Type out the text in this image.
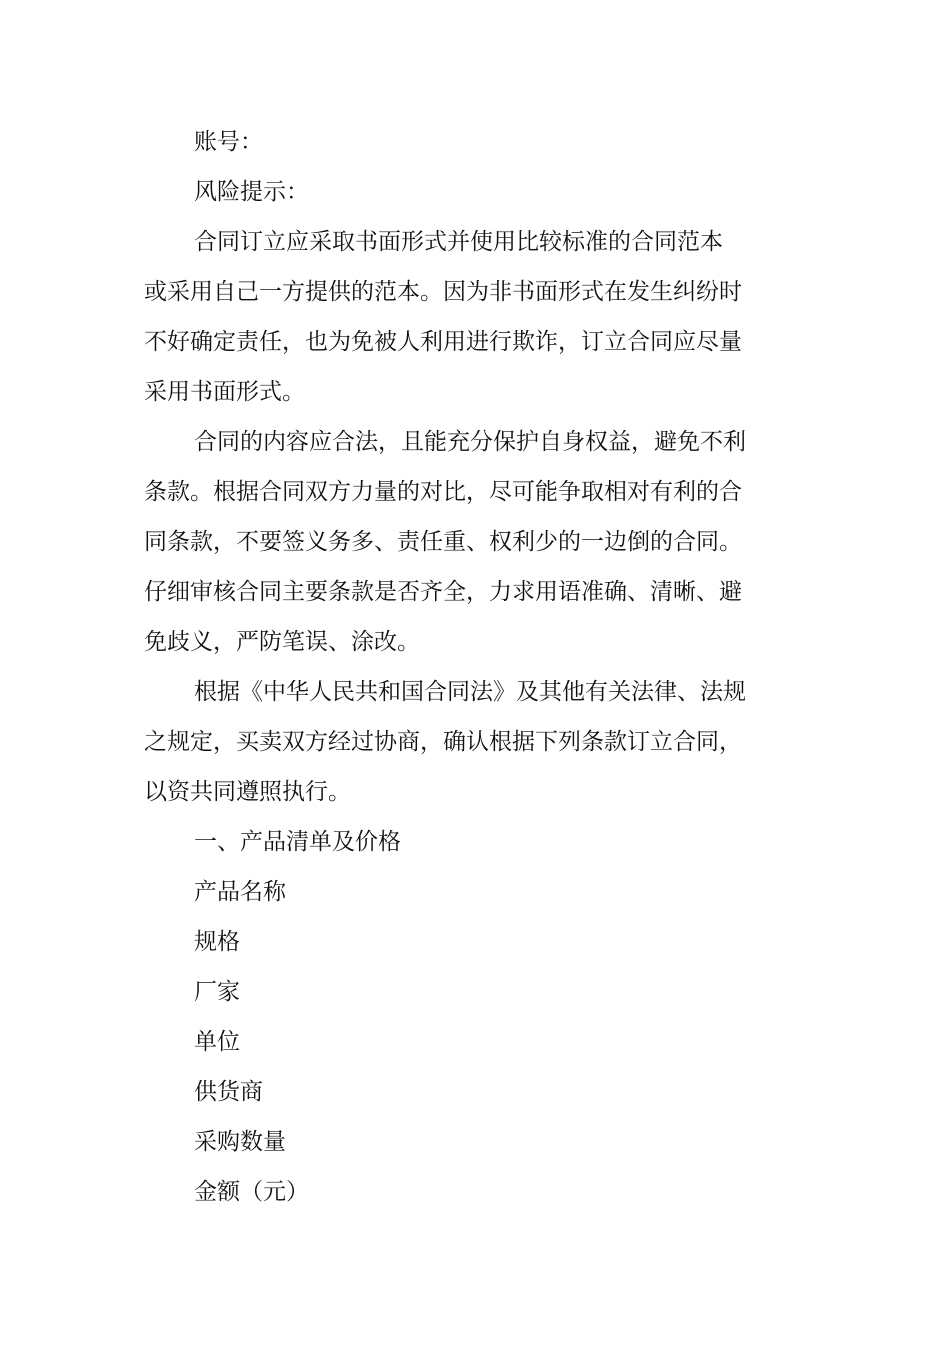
账号：

风险提示：

合同订立应采取书面形式并使用比较标准的合同范本

或采用自己一方提供的范本。因为非书面形式在发生纠纷时

不好确定责任，也为免被人利用进行欺诈，订立合同应尽量

采用书面形式。

合同的内容应合法，且能充分保护自身权益，避免不利

条款。根据合同双方力量的对比，尽可能争取相对有利的合

同条款，不要签义务多、责任重、权利少的一边倒的合同。

仔细审核合同主要条款是否齐全，力求用语准确、清晰、避

免歧义，严防笔误、涂改。

根据《中华人民共和国合同法》及其他有关法律、法规

之规定，买卖双方经过协商，确认根据下列条款订立合同，

以资共同遵照执行。

一、产品清单及价格

产品名称

规格

厂家

单位

供货商

采购数量

金额（元）
